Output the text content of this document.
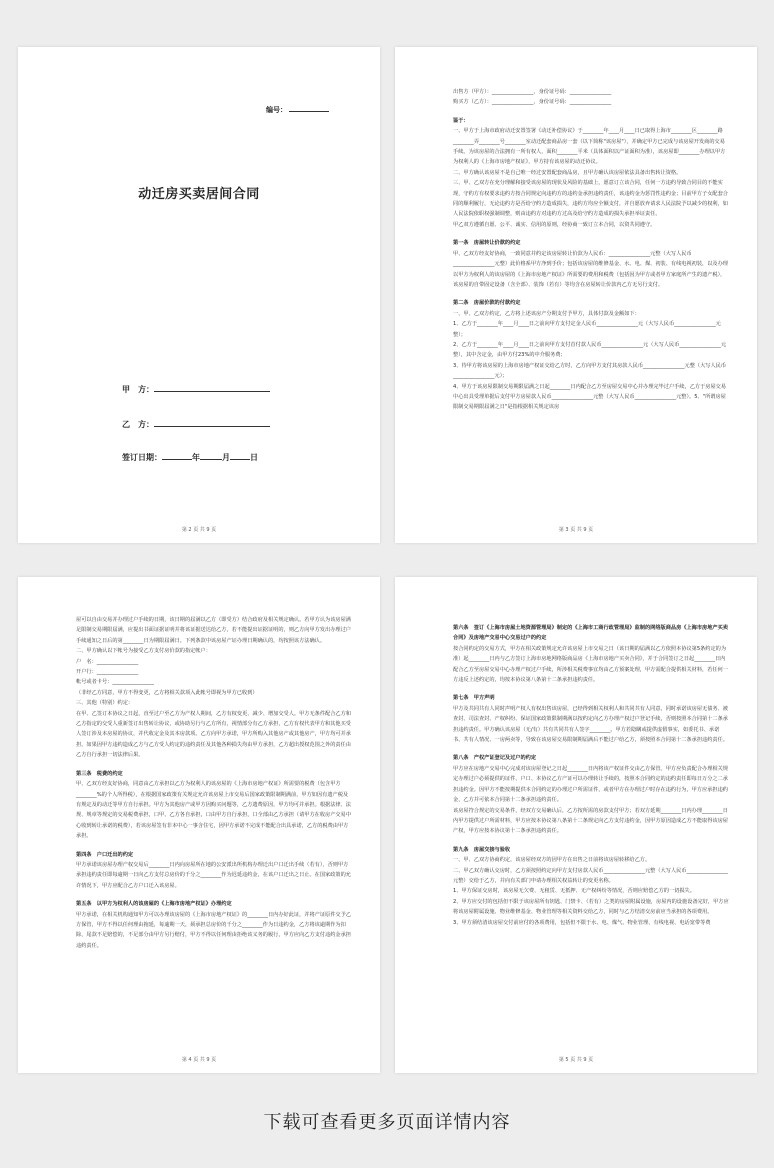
编号：
动迁房买卖居间合同
甲　方：
乙　方：
签订日期：	年	月	日
第 2 页 共 9 页
出售方（甲方）：________________，身份证号码：________________
购买方（乙方）：________________，身份证号码：________________
鉴于：
一、甲方于上海市政府动迁安置签署《动迁补偿协议》于________年____月____日已取得上海市________区________路________弄________号________室动迁配套商品房一套（以下简称"该房屋"），并确定甲方已完成与该房屋开发商的交易手续。为该房屋的合法拥有一所有权人，面积________平米（具体面积以产证面积为准），该房屋即________办理以甲方为权利人的《上海市房地产权证》，甲方持有该房屋的动迁协议。
二、甲方确认该房屋不是自己唯一经过安置配套商品房，且甲方确认该房屋依法具备出售转让资格。
三、甲、乙双方在充分理解和接受该房屋的现状及风险的基础上，愿意订立该合同，任何一方违约导致合同目的不能实现，守约方有权要求违约方按合同规定向违约方的违约金承担违约责任，该违约金为惩罚性违约金；目前甲方子女配套合同的顺利履行，无论违约方是否给守约方造成损失，违约方均应全额支付，并自愿放弃请求人民法院予以减少的权利，如人民法院依职权强制调整，则由违约方对违约方过高及给守约方造成的损失承担举证责任。
甲乙双方遵循自愿、公平、诚实、信用的原则，经协商一致订立本合同，以资共同遵守。
第一条　房屋转让价款的约定
甲、乙双方经友好协商，一致同意并约定该房屋转让价款为人民币：________________元整（大写人民币________________元整）此价格系甲方净到手价；包括该房屋的维修基金、水、电、煤、初装、有线电视初装，以及办理以甲方为权利人的该房屋的《上海市房地产权证》所需要的费用和税费（包括因为甲方或者甲方家庭所产生的遗产税），该房屋的自带固定设备（含全部）、装饰（若有）等均含在房屋转让价款内乙方无另行支付。
第二条　房屋价款的付款约定
一、甲、乙双方约定，乙方将上述该房产分期支付予甲方，具体付款及金额如下：
1、乙方于________年____月____日之前向甲方支付定金人民币________________元（大写人民币________________元整）；
2、乙方于________年____月____日之前向甲方支付首付款人民币________________元（大写人民币________________元整），其中含定金，由甲方付23%的中介服务费；
3、待甲方将该房屋的上海市房地产权证交给乙方时，乙方向甲方支付其房款人民币________________元整（大写人民币________________元）；
4、甲方于该房屋限制交易期限届满之日起________日内配合乙方至房屋交易中心并办理完毕过户手续，乙方于房屋交易中心出具受理单据后支付甲方房屋款人民币________________元整（大写人民币________________元整）。5、"所谓房屋限制交易期限届满之日"是指根据相关规定该房
第 3 页 共 9 页
屋可以自由交易并办理过户手续的日期，该日期的届满以乙方（即受方）结合政府及相关规定确认。若甲方认为该房屋满足限制交易期限届满，应提出书面证据证明并将该证据送达给乙方，若不能提出证据证明的，则乙方向甲方发出办理过户手续通知之日后的第________日为期限届满日。下列条款中该房屋产证办理日期确认的，均按照该方法确认。
二、甲方确认以下帐号为接受乙方支付房价款的指定帐户：
户　名：________________
开户行：________________
帐号或者卡号：________________
（非经乙方同意，甲方不得变更，乙方将相关款项入此帐号即视为甲方已收到）
三、其他（特别）约定：
在甲、乙签订本协议之日起，直至过户至乙方为产权人期间，乙方有权变更、减少、增加交受人。甲方无条件配合乙方和乙方指定的交受人重新签订出售转让协议，或协助另行与乙方所有，视情部分有乙方承担，乙方有权代表甲方和其他买受人签订涉及本房屋的协议，并代收定金及其本房款项。乙方向甲方承诺，甲方所购入其他房产或其他房产，甲方均可并承担。如果因甲方违约造成乙方与乙方受人约定的违约责任及其他各种损失均由甲方承担，乙方超出授权范围之外的责任由乙方自行承担一切法律后果。
第三条　税费的约定
甲、乙双方经友好协商，同意由乙方承担以乙方为权利人的该房屋的《上海市房地产权证》所需要的税费（包含甲方________%的个人所得税），在根据国家政策有关规定允许该房屋上市交易后国家政策限制期满前，甲方如因有遗产税及有规定及的动迁等甲方自行承担。甲方为其他房产或甲方因购买问题等，乙方遗费原因，甲方均可并承担。根据法律、法规、规章等规定的交易税费承担，口甲、乙方各自承担，口由甲方自行承担，口全部由乙方承担（请甲方在收房产交易中心收到转让承诺的税费），若该房屋签有非本中心一事含住宅，因甲方承诺不完成不能配合出具承诺，乙方的税费由甲方承担。
第四条　户口迁出的约定
甲方承诺该房屋办理产权交易后________日内向房屋所在地的公安派出所机构办理迁出户口迁出手续（若有），否则甲方承担违约责任即每逾期一日向乙方支付总房价的千分之________作为迟延违约金，在该户口迁出之日止。在国家政策的允许情况下，甲方应配合乙方户口迁入该房屋。
第五条　以甲方为权利人的该房屋的《上海市房地产权证》办理约定
甲方承诺，在相关机构通知甲方可以办理该房屋的《上海市房地产权证》的________日内办好此证，并将产证原件交予乙方保管，甲方不得以任何理由拖延，每逾期一天，须承担总房价的千分之________作为日违约金，乙方将该逾期作为扣除，尾款不足赔偿的，不足部分由甲方另行赔付，甲方不得以任何理由拒绝该义务的履行，甲方应向乙方支付违约金承担违约责任。
第 4 页 共 9 页
第六条　签订《上海市房屋土地资源管理局》制定的《上海市工商行政管理局》监制的网络版商品房《上海市房地产买卖合同》及房地产交易中心交易过户的约定
按合同约定的交易方式，甲方在相关政策规定允许该房屋上市交易之日（该日期的届满以乙方依照本协议第5条约定的为准）起________日内与乙方签订上海市房地网络版商品房《上海市房地产买卖合同》，并于合同签订之日起________日内配合乙方至房屋交易中心办理产权过户手续，所涉相关税费事宜均由乙方预案处理，甲方需配合提供相关材料，若任何一方违反上述约定的，均按本协议第八条第十二条承担违约责任。
第七条　甲方声明
甲方及共同共有人同时声明产权人有权出售该房屋，已经得到相关权利人和共同共有人同意，同时承诺该房屋无债务、被查封、司法查封、产权纠纷、保证国家政策限制期满以按约定向乙方办理产权过户登记手续，否则按照本合同第十二条承担违约责任。甲方确认该房屋（无/有）共有共同共有人签字________。甲方若隐瞒或提供虚假事实，如委托书、承诺书、共有人情况、一房两卖等，导致在该房屋交易限制期届满后不能过户给乙方，须按照本合同第十二条承担违约责任。
第八条　产权产证登记及过户的约定
甲方应在房地产交易中心完成对该房屋登记之日起________日内将该产权证件交由乙方保管。甲方应负责配合办理相关规定办理过户必须提供的证件、户口、本协议乙方产证可以办理转让手续的，按照本合同约定的违约责任即每日万分之二承担违约金。因甲方不能按期提供本合同约定的办理过户所需证件，或者甲方在办理过户时存在违约行为，甲方应承担违约金，乙方并可依本合同第十二条承担违约责任。
该房屋符合规定的交易条件，经双方交易确认后，乙方按所需的房款支付甲方；若双方延期________日内办理________日内甲方提供过户所需材料，甲方应按本协议第八条第十二条规定向乙方支付违约金，因甲方原因造成乙方不能取得该房屋产权，甲方应按本协议第十二条承担违约责任。
第九条　房屋交接与验收
一、甲、乙双方协商约定，该房屋经双方的因甲方在出售之日前将该房屋转移给乙方。
二、甲乙双方确认交房时，乙方须按照约定向甲方支付房款人民币________________元整（大写人民币________________元整）交给于乙方，并向有关部门申请办理相关权益转让的变更名称。
1、甲方保证交房时，该房屋无欠费、无租赁、无抵押、无产权纠纷等情况，否则应赔偿乙方的一切损失。
2、甲方应交付的包括但不限于该房屋所有钥匙、门禁卡、（若有）之类的房屋附属设施，房屋内的设施设备完好，甲方应将该房屋附属设施、物业维修基金、物业管理等相关资料交给乙方，同时与乙方结清交房前应当承担的各项费用。
3、甲方须结清该房屋交付前应付的各项费用，包括但不限于水、电、煤气、物业管理、有线电视、电话宽带等费
第 5 页 共 9 页
下载可查看更多页面详情内容
